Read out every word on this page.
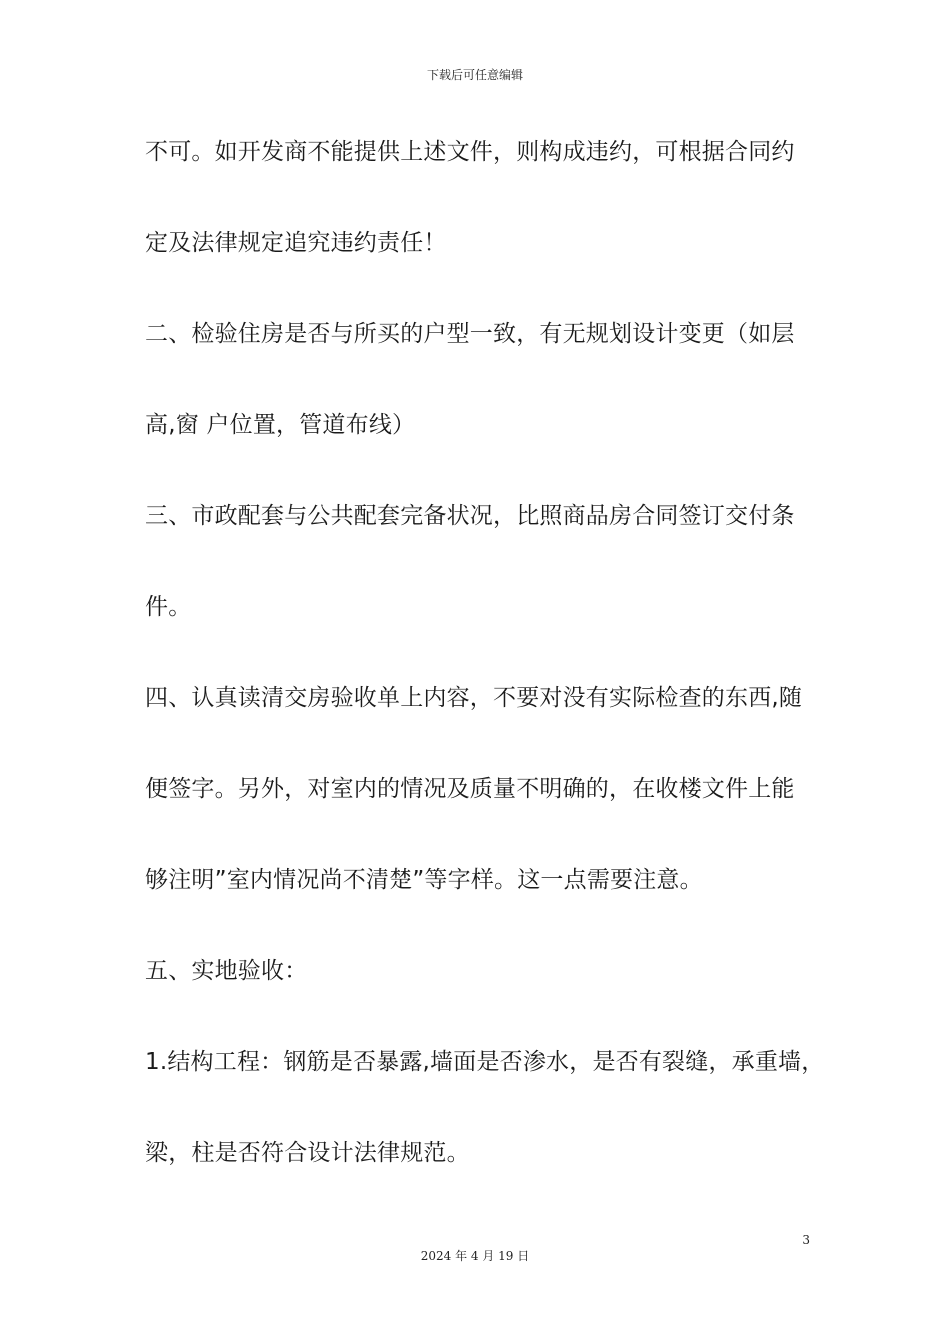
下载后可任意编辑
不可。如开发商不能提供上述文件，则构成违约，可根据合同约
定及法律规定追究违约责任！
二、检验住房是否与所买的户型一致，有无规划设计变更（如层
高,窗 户位置，管道布线）
三、市政配套与公共配套完备状况，比照商品房合同签订交付条
件。
四、认真读清交房验收单上内容，不要对没有实际检查的东西,随
便签字。另外，对室内的情况及质量不明确的，在收楼文件上能
够注明”室内情况尚不清楚”等字样。这一点需要注意。
五、实地验收：
1.结构工程：钢筋是否暴露,墙面是否渗水，是否有裂缝，承重墙，
梁，柱是否符合设计法律规范。
3
2024 年 4 月 19 日
